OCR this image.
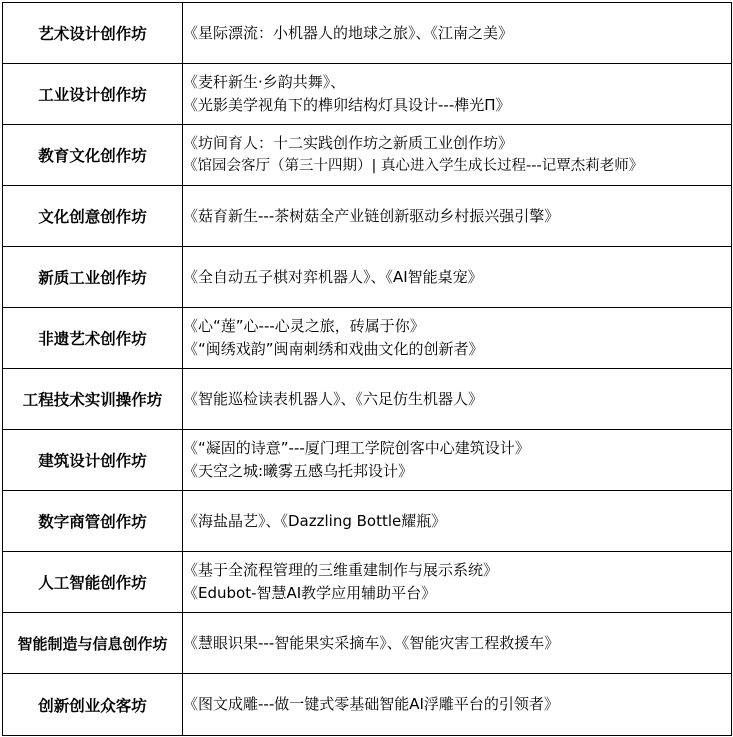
艺术设计创作坊	《星际漂流：小机器人的地球之旅》、《江南之美》

工业设计创作坊	《麦秆新生·乡韵共舞》、
《光影美学视角下的榫卯结构灯具设计---榫光Π》

教育文化创作坊	《坊间育人：十二实践创作坊之新质工业创作坊》
《馆园会客厅（第三十四期）| 真心进入学生成长过程---记覃杰莉老师》

文化创意创作坊	《菇育新生---茶树菇全产业链创新驱动乡村振兴强引擎》

新质工业创作坊	《全自动五子棋对弈机器人》、《AI智能桌宠》

非遗艺术创作坊	《心“莲”心---心灵之旅，砖属于你》
《“闽绣戏韵”闽南刺绣和戏曲文化的创新者》

工程技术实训操作坊	《智能巡检读表机器人》、《六足仿生机器人》

建筑设计创作坊	《“凝固的诗意”---厦门理工学院创客中心建筑设计》
《天空之城:曦雾五感乌托邦设计》

数字商管创作坊	《海盐晶艺》、《Dazzling Bottle耀瓶》

人工智能创作坊	《基于全流程管理的三维重建制作与展示系统》
《Edubot-智慧AI教学应用辅助平台》

智能制造与信息创作坊	《慧眼识果---智能果实采摘车》、《智能灾害工程救援车》

创新创业众客坊	《图文成雕---做一键式零基础智能AI浮雕平台的引领者》
